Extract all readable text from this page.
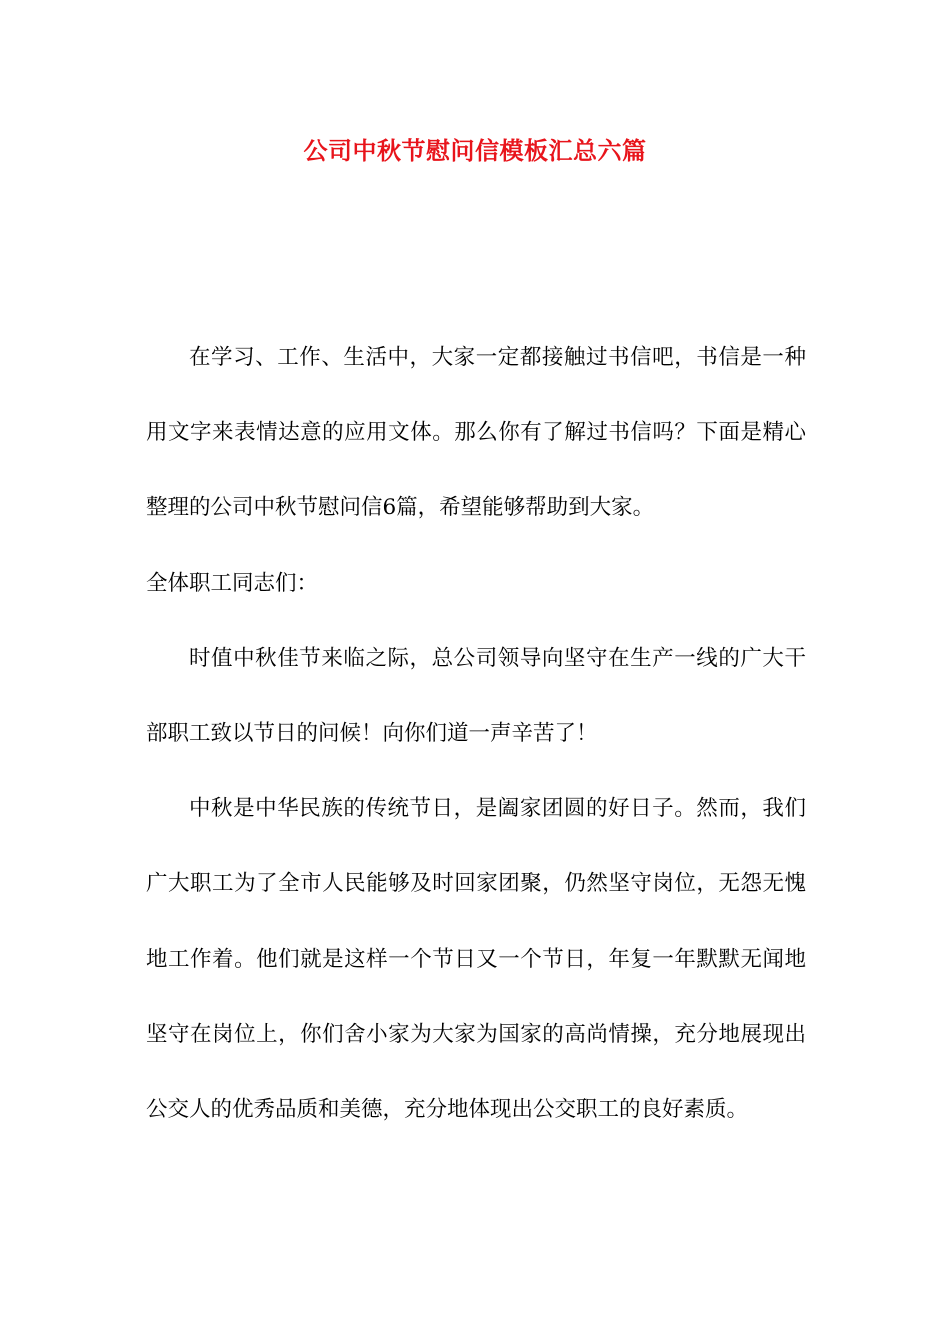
公司中秋节慰问信模板汇总六篇

在学习、工作、生活中，大家一定都接触过书信吧，书信是一种用文字来表情达意的应用文体。那么你有了解过书信吗？下面是精心整理的公司中秋节慰问信6篇，希望能够帮助到大家。

全体职工同志们：

时值中秋佳节来临之际，总公司领导向坚守在生产一线的广大干部职工致以节日的问候！向你们道一声辛苦了！

中秋是中华民族的传统节日，是阖家团圆的好日子。然而，我们广大职工为了全市人民能够及时回家团聚，仍然坚守岗位，无怨无愧地工作着。他们就是这样一个节日又一个节日，年复一年默默无闻地坚守在岗位上，你们舍小家为大家为国家的高尚情操，充分地展现出公交人的优秀品质和美德，充分地体现出公交职工的良好素质。
